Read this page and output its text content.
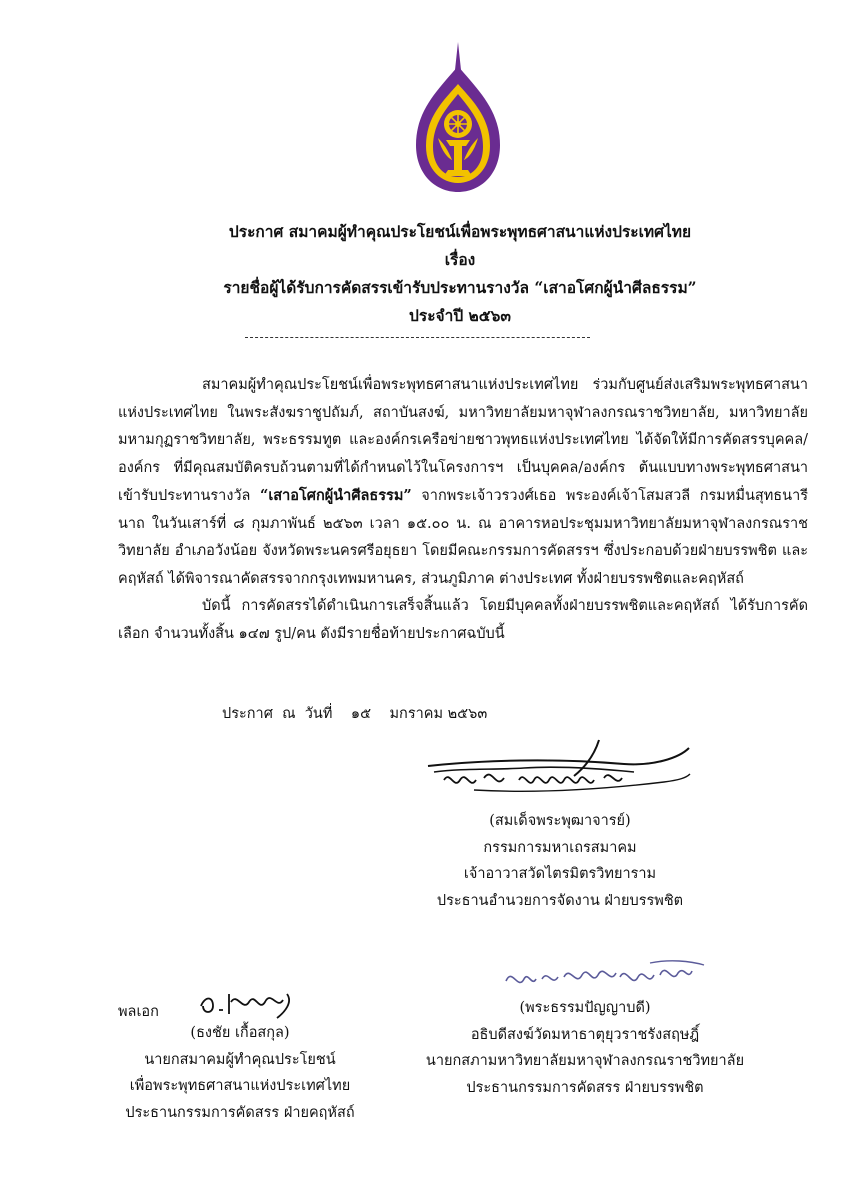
ประกาศ สมาคมผู้ทำคุณประโยชน์เพื่อพระพุทธศาสนาแห่งประเทศไทย
เรื่อง
รายชื่อผู้ได้รับการคัดสรรเข้ารับประทานรางวัล “เสาอโศกผู้นำศีลธรรม”
ประจำปี ๒๕๖๓

สมาคมผู้ทำคุณประโยชน์เพื่อพระพุทธศาสนาแห่งประเทศไทย ร่วมกับศูนย์ส่งเสริมพระพุทธศาสนาแห่งประเทศไทย ในพระสังฆราชูปถัมภ์, สถาบันสงฆ์, มหาวิทยาลัยมหาจุฬาลงกรณราชวิทยาลัย, มหาวิทยาลัยมหามกุฏราชวิทยาลัย, พระธรรมทูต และองค์กรเครือข่ายชาวพุทธแห่งประเทศไทย ได้จัดให้มีการคัดสรรบุคคล/องค์กร ที่มีคุณสมบัติครบถ้วนตามที่ได้กำหนดไว้ในโครงการฯ เป็นบุคคล/องค์กร ต้นแบบทางพระพุทธศาสนา เข้ารับประทานรางวัล “เสาอโศกผู้นำศีลธรรม” จากพระเจ้าวรวงศ์เธอ พระองค์เจ้าโสมสวลี กรมหมื่นสุทธนารีนาถ ในวันเสาร์ที่ ๘ กุมภาพันธ์ ๒๕๖๓ เวลา ๑๕.๐๐ น. ณ อาคารหอประชุมมหาวิทยาลัยมหาจุฬาลงกรณราชวิทยาลัย อำเภอวังน้อย จังหวัดพระนครศรีอยุธยา โดยมีคณะกรรมการคัดสรรฯ ซึ่งประกอบด้วยฝ่ายบรรพชิต และคฤหัสถ์ ได้พิจารณาคัดสรรจากกรุงเทพมหานคร, ส่วนภูมิภาค ต่างประเทศ ทั้งฝ่ายบรรพชิตและคฤหัสถ์

บัดนี้ การคัดสรรได้ดำเนินการเสร็จสิ้นแล้ว โดยมีบุคคลทั้งฝ่ายบรรพชิตและคฤหัสถ์ ได้รับการคัดเลือก จำนวนทั้งสิ้น ๑๔๗ รูป/คน ดังมีรายชื่อท้ายประกาศฉบับนี้

ประกาศ  ณ  วันที่ ๑๕ มกราคม ๒๕๖๓
(สมเด็จพระพุฒาจารย์)
กรรมการมหาเถรสมาคม
เจ้าอาวาสวัดไตรมิตรวิทยาราม
ประธานอำนวยการจัดงาน ฝ่ายบรรพชิต
(พระธรรมปัญญาบดี)
อธิบดีสงฆ์วัดมหาธาตุยุวราชรังสฤษฎิ์
นายกสภามหาวิทยาลัยมหาจุฬาลงกรณราชวิทยาลัย
ประธานกรรมการคัดสรร ฝ่ายบรรพชิต
พลเอก
(ธงชัย เกื้อสกุล)
นายกสมาคมผู้ทำคุณประโยชน์
เพื่อพระพุทธศาสนาแห่งประเทศไทย
ประธานกรรมการคัดสรร ฝ่ายคฤหัสถ์
